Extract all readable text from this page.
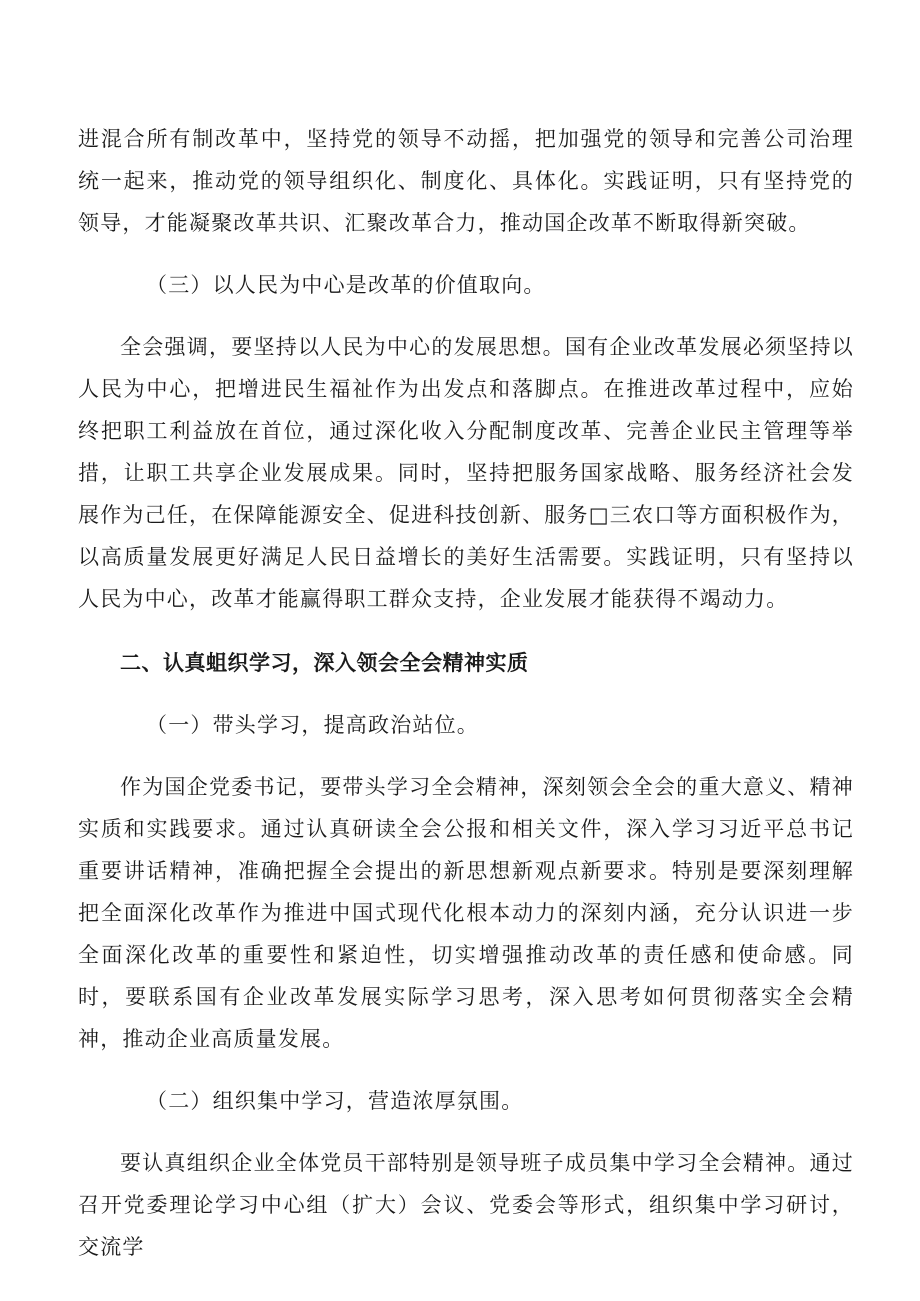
进混合所有制改革中，坚持党的领导不动摇，把加强党的领导和完善公司治理统一起来，推动党的领导组织化、制度化、具体化。实践证明，只有坚持党的领导，才能凝聚改革共识、汇聚改革合力，推动国企改革不断取得新突破。

（三）以人民为中心是改革的价值取向。

全会强调，要坚持以人民为中心的发展思想。国有企业改革发展必须坚持以人民为中心，把增进民生福祉作为出发点和落脚点。在推进改革过程中，应始终把职工利益放在首位，通过深化收入分配制度改革、完善企业民主管理等举措，让职工共享企业发展成果。同时，坚持把服务国家战略、服务经济社会发展作为己任，在保障能源安全、促进科技创新、服务□三农口等方面积极作为，以高质量发展更好满足人民日益增长的美好生活需要。实践证明，只有坚持以人民为中心，改革才能赢得职工群众支持，企业发展才能获得不竭动力。

二、认真蛆织学习，深入领会全会精神实质

（一）带头学习，提高政治站位。

作为国企党委书记，要带头学习全会精神，深刻领会全会的重大意义、精神实质和实践要求。通过认真研读全会公报和相关文件，深入学习习近平总书记重要讲话精神，准确把握全会提出的新思想新观点新要求。特别是要深刻理解把全面深化改革作为推进中国式现代化根本动力的深刻内涵，充分认识进一步全面深化改革的重要性和紧迫性，切实增强推动改革的责任感和使命感。同时，要联系国有企业改革发展实际学习思考，深入思考如何贯彻落实全会精神，推动企业高质量发展。

（二）组织集中学习，营造浓厚氛围。

要认真组织企业全体党员干部特别是领导班子成员集中学习全会精神。通过召开党委理论学习中心组（扩大）会议、党委会等形式，组织集中学习研讨，交流学
